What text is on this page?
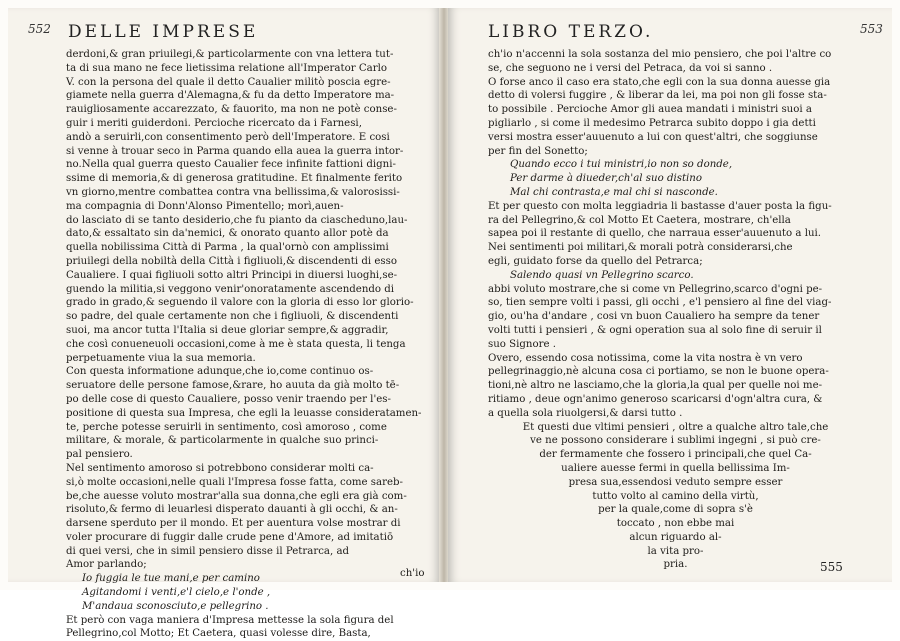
552 DELLE IMPRESE
derdoni,& gran priuilegi,& particolarmente con vna lettera tut-
ta di sua mano ne fece lietissima relatione all'Imperator Carlo
V. con la persona del quale il detto Caualier militò poscia egre-
giamete nella guerra d'Alemagna,& fu da detto Imperatore ma-
rauigliosamente accarezzato, & fauorito, ma non ne potè conse-
guir i meriti guiderdoni. Percioche ricercato da i Farnesi,
andò a seruirli,con consentimento però dell'Imperatore. E cosi
si venne à trouar seco in Parma quando ella aueа la guerra intor-
no.Nella qual guerra questo Caualier fece infinite fattioni digni-
ssime di memoria,& di generosa gratitudine. Et finalmente ferito
vn giorno,mentre combatteа contra vna bellissima,& valorosissi-
ma compagnia di Donn'Alonso Pimentello; morì,auen-
do lasciato di se tanto desiderio,che fu pianto da ciascheduno,lau-
dato,& essaltato sin da'nemici, & onorato quanto allor potè da
quella nobilissima Città di Parma , la qual'ornò con amplissimi
priuilegi della nobiltà della Città i figliuoli,& discendenti di esso
Caualiere. I quai figliuoli sotto altri Principi in diuersi luoghi,se-
guendo la militia,si veggono venir'onoratamente ascendendo di
grado in grado,& seguendo il valore con la gloria di esso lor glorio-
so padre, del quale certamente non che i figliuoli, & discendenti
suoi, ma ancor tutta l'Italia si deue gloriar sempre,& aggradir,
che così conueneuoli occasioni,come à me è stata questa, li tenga
perpetuamente viua la sua memoria.
Con questa informatione adunque,che io,come continuo os-
seruatore delle persone famose,&rare, ho auuta da già molto tē-
po delle cose di questo Caualiere, posso venir traendo per l'es-
positione di questa sua Impresa, che egli la leuasse consideratamen-
te, perche potesse seruirli in sentimento, così amoroso , come
militare, & morale, & particolarmente in qualche suo princi-
pal pensiero.
Nel sentimento amoroso si potrebbono considerar molti ca-
si,ò molte occasioni,nelle quali l'Impresa fosse fatta, come sareb-
be,che auesse voluto mostrar'alla sua donna,che egli era già com-
risoluto,& fermo di leuarlesi disperato dauanti à gli occhi, & an-
darsene sperduto per il mondo. Et per auentura volse mostrar di
voler procurare di fuggir dalle crude pene d'Amore, ad imitatiō
di quei versi, che in simil pensiero disse il Petrarca, ad
Amor parlando;
Io fuggia le tue mani,e per camino
Agitandomi i venti,e'l cielo,e l'onde ,
M'andaua sconosciuto,e pellegrino .
Et però con vaga maniera d'Impresa mettesse la sola figura del
Pellegrino,col Motto; Et Caetera, quasi volesse dire, Basta,
ch'io
LIBRO TERZO.	553
ch'io n'accenni la sola sostanza del mio pensiero, che poi l'altre co
se, che seguono ne i versi del Petraca, da voi si sanno .
O forse anco il caso era stato,che egli con la sua donna auesse gia
detto di volersi fuggire , & liberar da lei, ma poi non gli fosse sta-
to possibile . Percioche Amor gli aueа mandati i ministri suoi a
pigliarlo , si come il medesimo Petrarca subito doppo i gia detti
versi mostra esser'auuenuto a lui con quest'altri, che soggiunse
per fin del Sonetto;
Quando ecco i tui ministri,io non so donde,
Per darme à diueder,ch'al suo distino
Mal chi contrasta,e mal chi si nasconde.
Et per questo con molta leggiadria li bastasse d'auer posta la figu-
ra del Pellegrino,& col Motto Et Caetera, mostrare, ch'ella
sapea poi il restante di quello, che narraua esser'auuenuto a lui.
Nei sentimenti poi militari,& morali potrà considerarsi,che
egli, guidato forse da quello del Petrarca;
Salendo quasi vn Pellegrino scarco.
abbi voluto mostrare,che si come vn Pellegrino,scarco d'ogni pe-
so, tien sempre volti i passi, gli occhi , e'l pensiero al fine del viag-
gio, ou'ha d'andare , cosi vn buon Caualiero ha sempre da tener
volti tutti i pensieri , & ogni operation sua al solo fine di seruir il
suo Signore .
Overo, essendo cosa notissima, come la vita nostra è vn vero
pellegrinaggio,nè alcuna cosa ci portiamo, se non le buone opera-
tioni,nè altro ne lasciamo,che la gloria,la qual per quelle noi me-
ritiamo , deue ogn'animo generoso scaricarsi d'ogn'altra cura, &
a quella sola riuolgersi,& darsi tutto .
Et questi due vltimi pensieri , oltre a qualche altro tale,che
ve ne possono considerare i sublimi ingegni , si può cre-
der fermamente che fossero i principali,che quel Ca-
ualiere auesse fermi in quella bellissima Im-
presa sua,essendosi veduto sempre esser
tutto volto al camino della virtù,
per la quale,come di sopra s'è
toccato , non ebbe mai
alcun riguardo al-
la vita pro-
pria.	555
